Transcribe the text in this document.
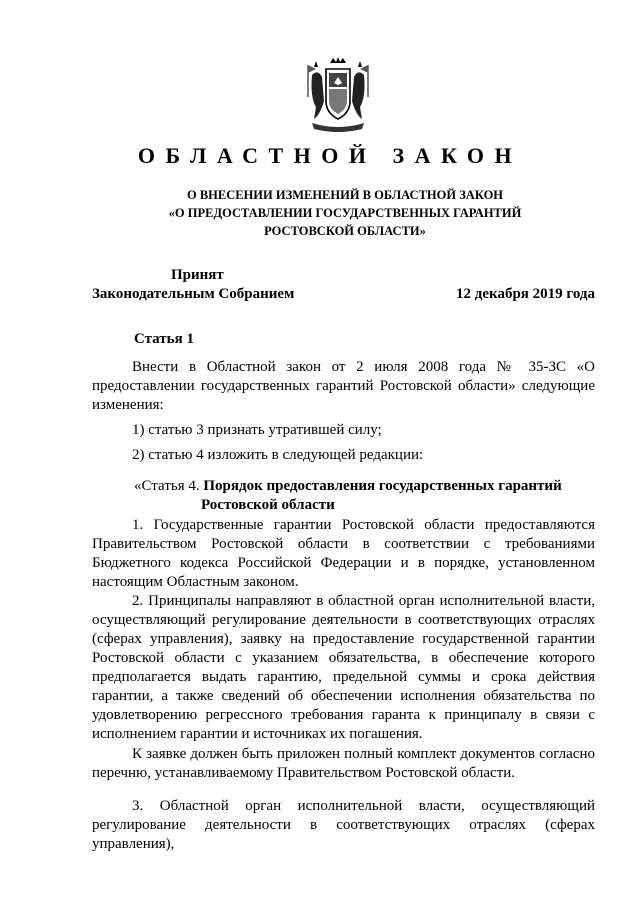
ОБЛАСТНОЙ ЗАКОН
О ВНЕСЕНИИ ИЗМЕНЕНИЙ В ОБЛАСТНОЙ ЗАКОН
«О ПРЕДОСТАВЛЕНИИ ГОСУДАРСТВЕННЫХ ГАРАНТИЙ
РОСТОВСКОЙ ОБЛАСТИ»
Принят
Законодательным Собранием	12 декабря 2019 года
Статья 1
Внести в Областной закон от 2 июля 2008 года № 35-ЗС «О предоставлении государственных гарантий Ростовской области» следующие изменения:
1) статью 3 признать утратившей силу;
2) статью 4 изложить в следующей редакции:
«Статья 4. Порядок предоставления государственных гарантий
Ростовской области
1. Государственные гарантии Ростовской области предоставляются Правительством Ростовской области в соответствии с требованиями Бюджетного кодекса Российской Федерации и в порядке, установленном настоящим Областным законом.
2. Принципалы направляют в областной орган исполнительной власти, осуществляющий регулирование деятельности в соответствующих отраслях (сферах управления), заявку на предоставление государственной гарантии Ростовской области с указанием обязательства, в обеспечение которого предполагается выдать гарантию, предельной суммы и срока действия гарантии, а также сведений об обеспечении исполнения обязательства по удовлетворению регрессного требования гаранта к принципалу в связи с исполнением гарантии и источниках их погашения.
К заявке должен быть приложен полный комплект документов согласно перечню, устанавливаемому Правительством Ростовской области.
3. Областной орган исполнительной власти, осуществляющий регулирование деятельности в соответствующих отраслях (сферах управления),
